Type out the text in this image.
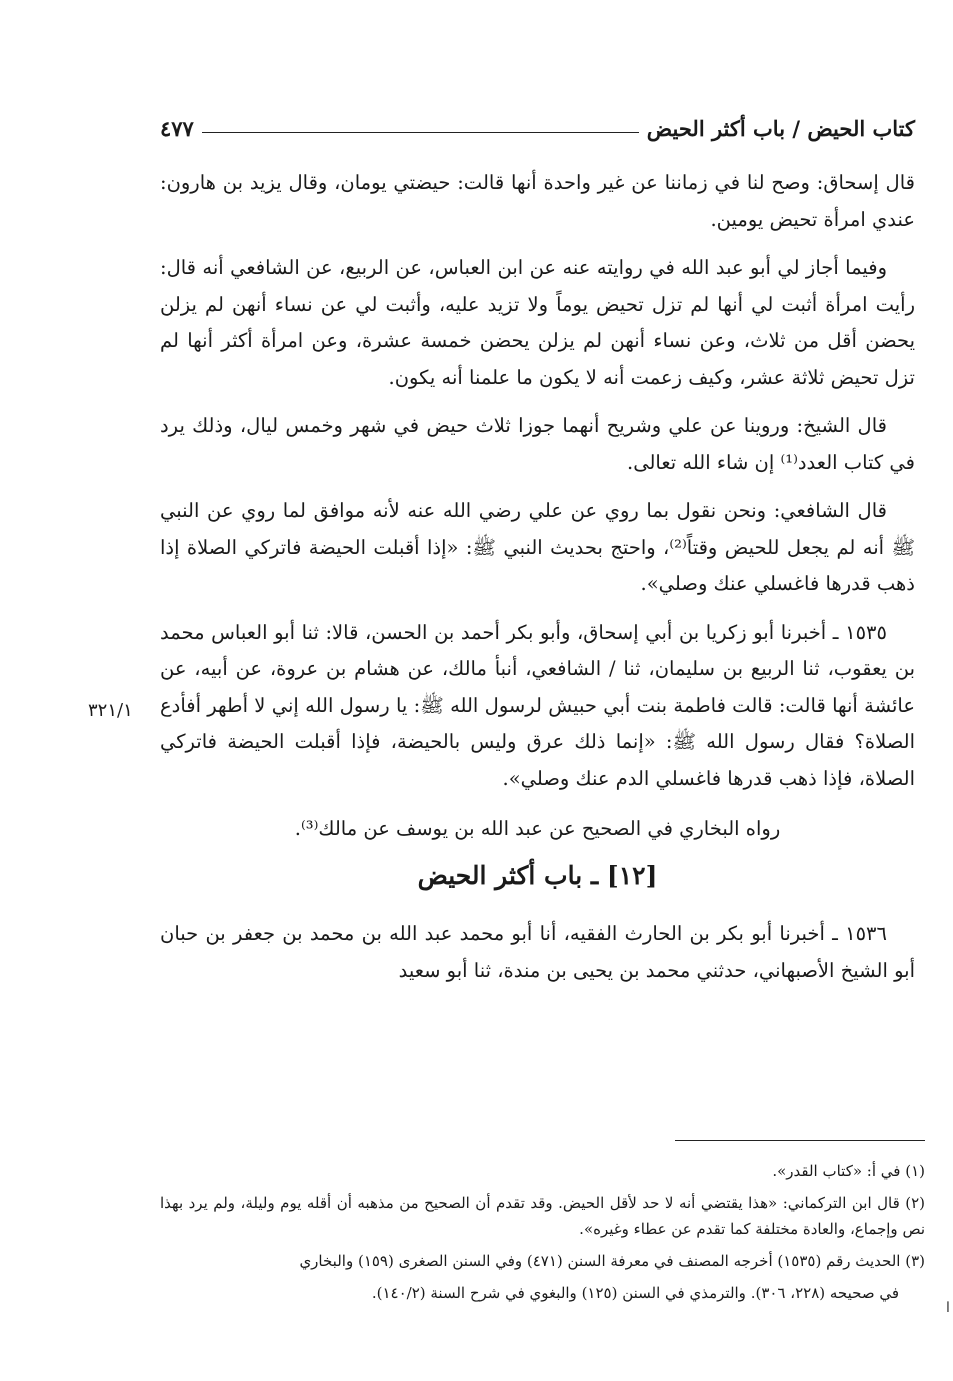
كتاب الحيض / باب أكثر الحيض
٤٧٧
٣٢١/١

قال إسحاق: وصح لنا في زماننا عن غير واحدة أنها قالت: حيضتي يومان، وقال يزيد بن هارون: عندي امرأة تحيض يومين.

وفيما أجاز لي أبو عبد الله في روايته عنه عن ابن العباس، عن الربيع، عن الشافعي أنه قال: رأيت امرأة أثبت لي أنها لم تزل تحيض يوماً ولا تزيد عليه، وأثبت لي عن نساء أنهن لم يزلن يحضن أقل من ثلاث، وعن نساء أنهن لم يزلن يحضن خمسة عشرة، وعن امرأة أكثر أنها لم تزل تحيض ثلاثة عشر، وكيف زعمت أنه لا يكون ما علمنا أنه يكون.

قال الشيخ: وروينا عن علي وشريح أنهما جوزا ثلاث حيض في شهر وخمس ليال، وذلك يرد في كتاب العدد⁽¹⁾ إن شاء الله تعالى.

قال الشافعي: ونحن نقول بما روي عن علي رضي الله عنه لأنه موافق لما روي عن النبي ﷺ أنه لم يجعل للحيض وقتاً⁽²⁾، واحتج بحديث النبي ﷺ: «إذا أقبلت الحيضة فاتركي الصلاة إذا ذهب قدرها فاغسلي عنك وصلي».

١٥٣٥ ـ أخبرنا أبو زكريا بن أبي إسحاق، وأبو بكر أحمد بن الحسن، قالا: ثنا أبو العباس محمد بن يعقوب، ثنا الربيع بن سليمان، ثنا / الشافعي، أنبأ مالك، عن هشام بن عروة، عن أبيه، عن عائشة أنها قالت: قالت فاطمة بنت أبي حبيش لرسول الله ﷺ: يا رسول الله إني لا أطهر أفأدع الصلاة؟ فقال رسول الله ﷺ: «إنما ذلك عرق وليس بالحيضة، فإذا أقبلت الحيضة فاتركي الصلاة، فإذا ذهب قدرها فاغسلي الدم عنك وصلي».

رواه البخاري في الصحيح عن عبد الله بن يوسف عن مالك⁽³⁾.

[١٢] ـ باب أكثر الحيض

١٥٣٦ ـ أخبرنا أبو بكر بن الحارث الفقيه، أنا أبو محمد عبد الله بن محمد بن جعفر بن حبان أبو الشيخ الأصبهاني، حدثني محمد بن يحيى بن مندة، ثنا أبو سعيد

(١) في أ: «كتاب القدر».

(٢) قال ابن التركماني: «هذا يقتضي أنه لا حد لأقل الحيض. وقد تقدم أن الصحيح من مذهبه أن أقله يوم وليلة، ولم يرد بهذا نص وإجماع، والعادة مختلفة كما تقدم عن عطاء وغيره».

(٣) الحديث رقم (١٥٣٥) أخرجه المصنف في معرفة السنن (٤٧١) وفي السنن الصغرى (١٥٩) والبخاري

في صحيحه (٢٢٨، ٣٠٦). والترمذي في السنن (١٢٥) والبغوي في شرح السنة (١٤٠/٢).

ا
